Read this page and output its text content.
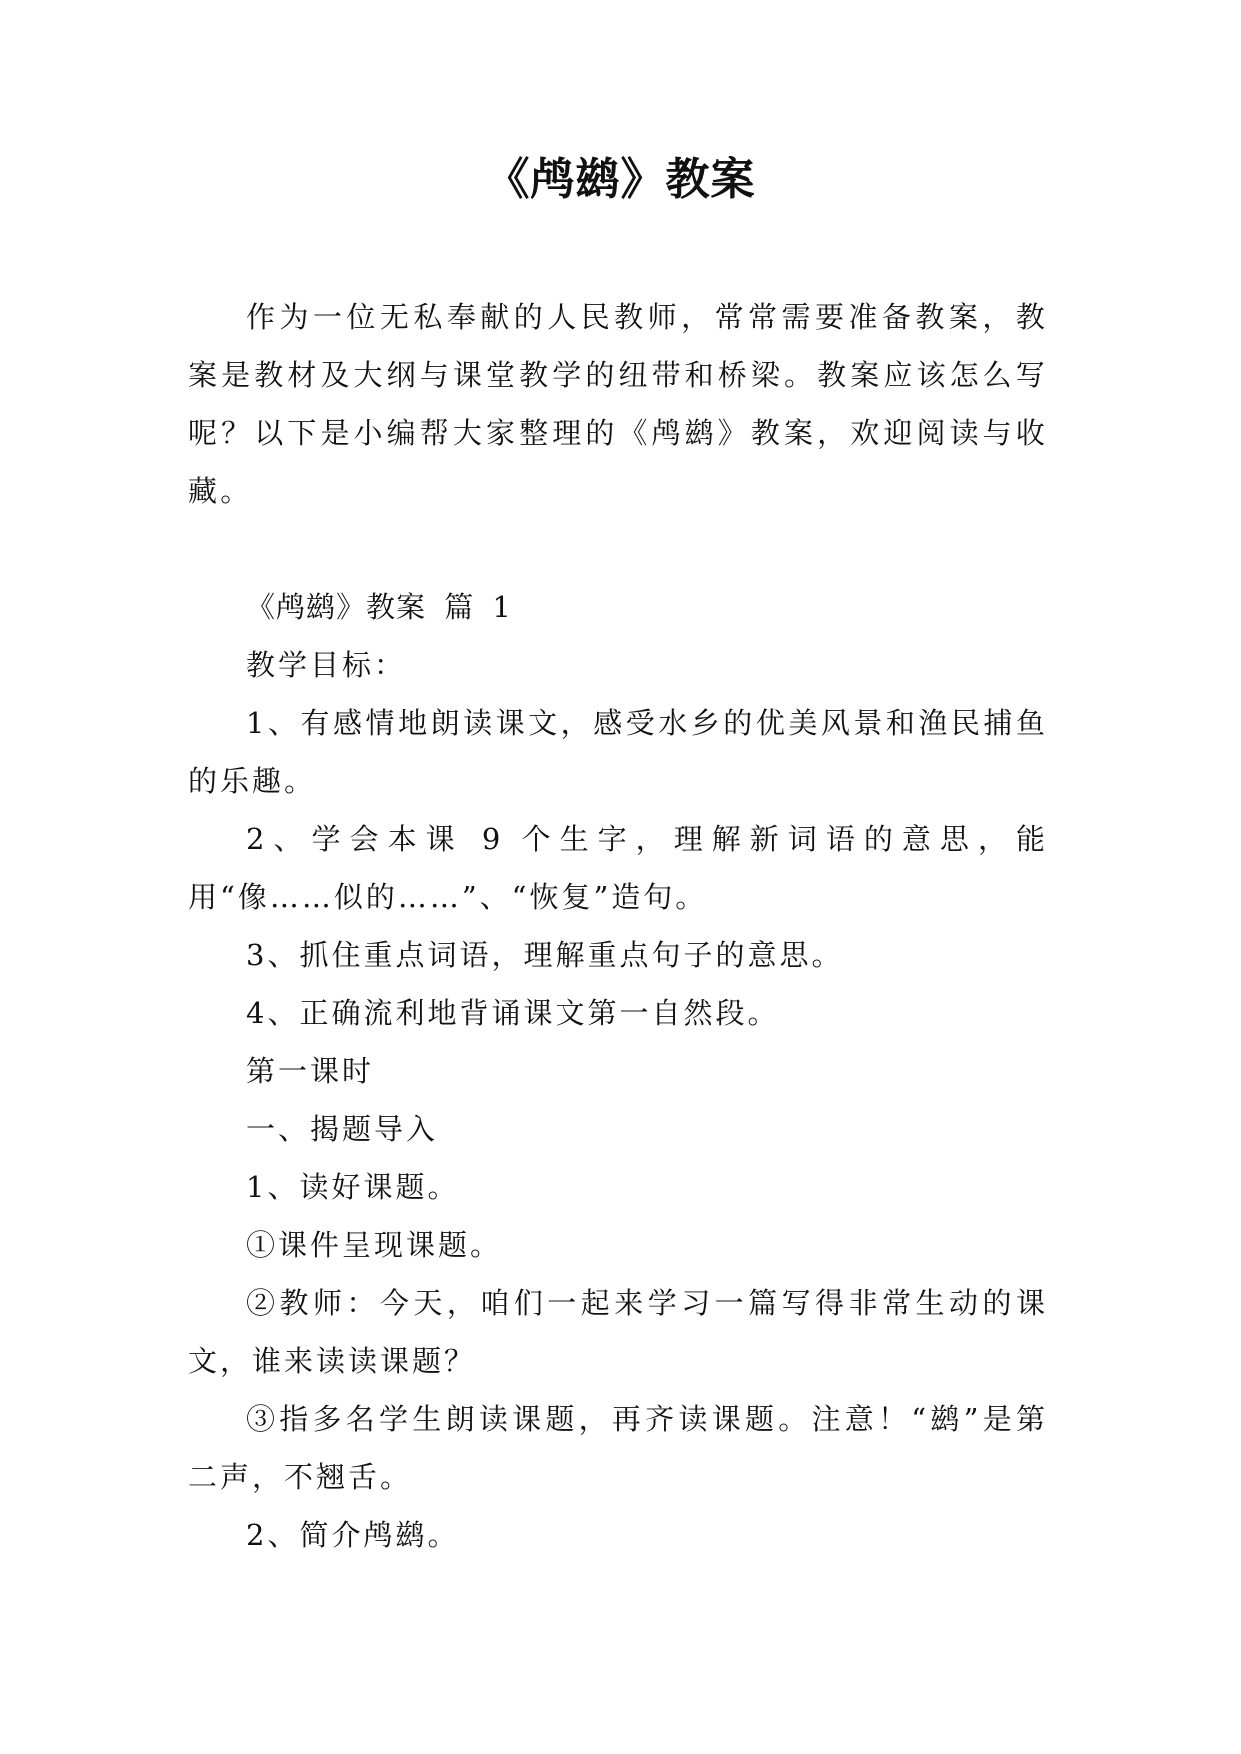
《鸬鹚》教案

作为一位无私奉献的人民教师，常常需要准备教案，教案是教材及大纲与课堂教学的纽带和桥梁。教案应该怎么写呢？以下是小编帮大家整理的《鸬鹚》教案，欢迎阅读与收藏。

《鸬鹚》教案 篇 1

教学目标：

1、有感情地朗读课文，感受水乡的优美风景和渔民捕鱼的乐趣。

2、学会本课 9 个生字，理解新词语的意思，能用“像……似的……”、“恢复”造句。

3、抓住重点词语，理解重点句子的意思。

4、正确流利地背诵课文第一自然段。

第一课时

一、揭题导入

1、读好课题。

①课件呈现课题。

②教师：今天，咱们一起来学习一篇写得非常生动的课文，谁来读读课题？

③指多名学生朗读课题，再齐读课题。注意！“鹚”是第二声，不翘舌。

2、简介鸬鹚。
